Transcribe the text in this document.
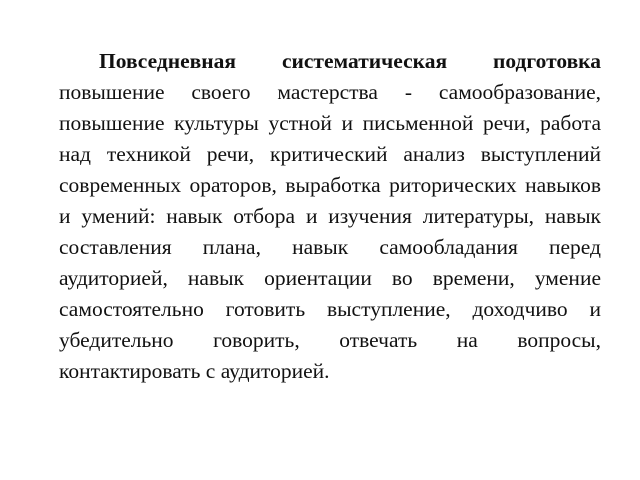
Повседневная систематическая подготовка повышение своего мастерства - самообразование, повышение культуры устной и письменной речи, работа над техникой речи, критический анализ выступлений современных ораторов, выработка риторических навыков и умений: навык отбора и изучения литературы, навык составления плана, навык самообладания перед аудиторией, навык ориентации во времени, умение самостоятельно готовить выступление, доходчиво и убедительно говорить, отвечать на вопросы, контактировать с аудиторией.
